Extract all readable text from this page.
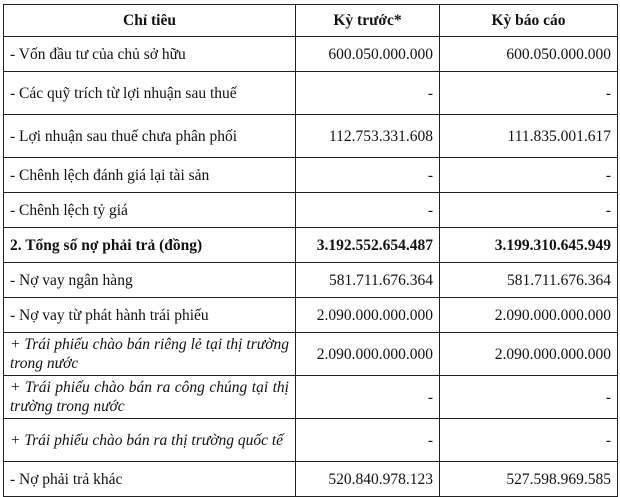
Chỉ tiêu	Kỳ trước*	Kỳ báo cáo
- Vốn đầu tư của chủ sở hữu	600.050.000.000	600.050.000.000
- Các quỹ trích từ lợi nhuận sau thuế	-	-
- Lợi nhuận sau thuế chưa phân phối	112.753.331.608	111.835.001.617
- Chênh lệch đánh giá lại tài sản	-	-
- Chênh lệch tỷ giá	-	-
2. Tổng số nợ phải trả (đồng)	3.192.552.654.487	3.199.310.645.949
- Nợ vay ngân hàng	581.711.676.364	581.711.676.364
- Nợ vay từ phát hành trái phiếu	2.090.000.000.000	2.090.000.000.000
+ Trái phiếu chào bán riêng lẻ tại thị trường trong nước	2.090.000.000.000	2.090.000.000.000
+ Trái phiếu chào bán ra công chúng tại thị trường trong nước	-	-
+ Trái phiếu chào bán ra thị trường quốc tế	-	-
- Nợ phải trả khác	520.840.978.123	527.598.969.585
